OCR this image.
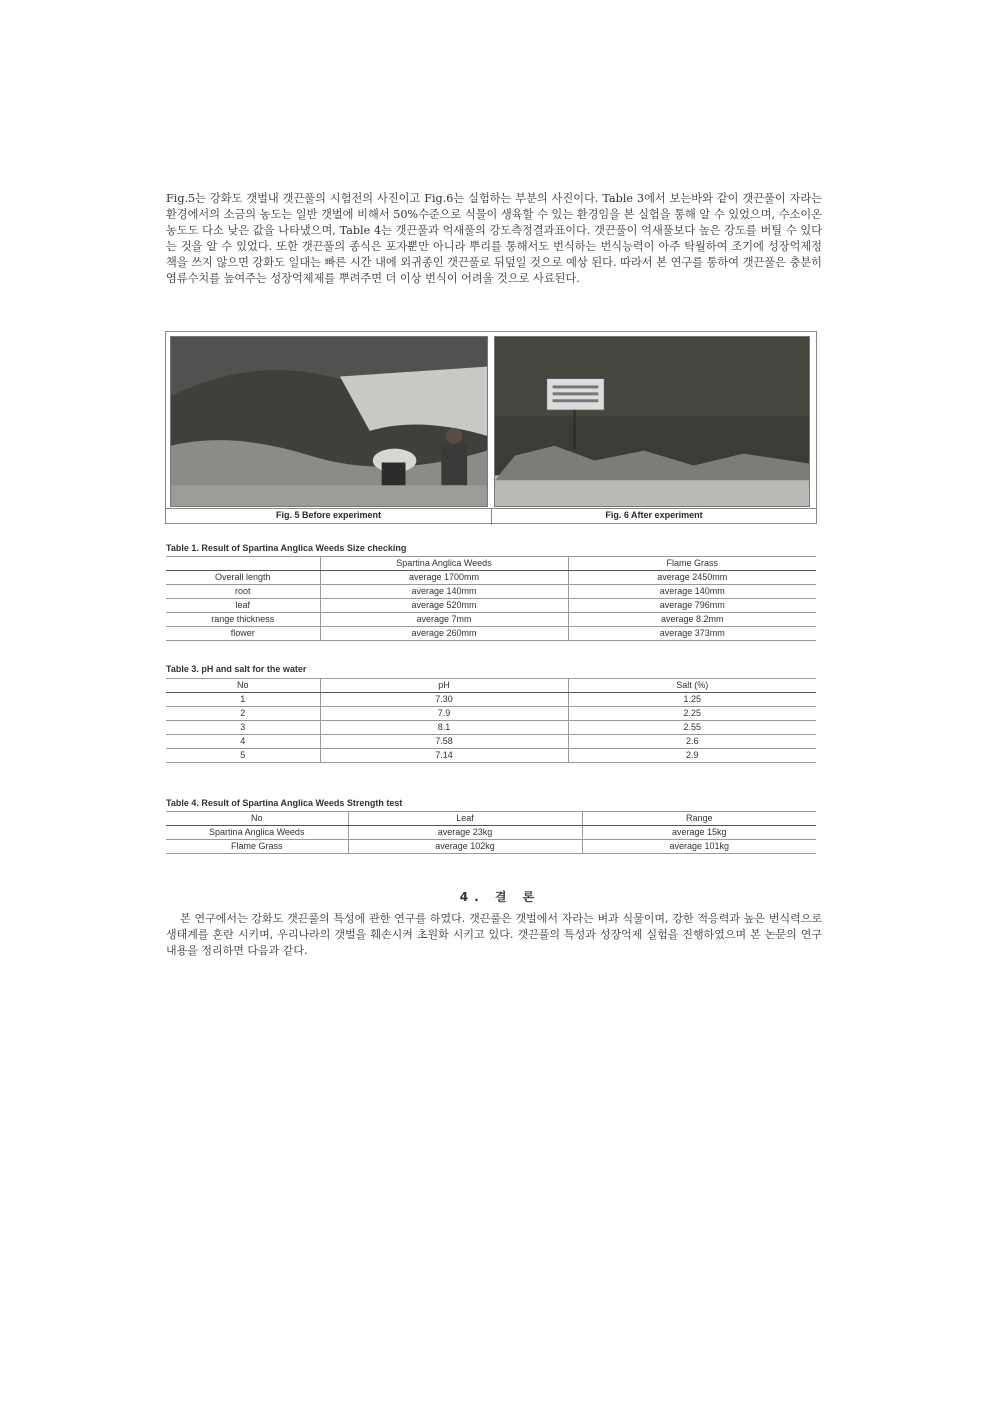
Fig.5는 강화도 갯벌내 갯끈풀의 시험전의 사진이고 Fig.6는 실험하는 부분의 사진이다. Table 3에서 보는바와 같이 갯끈풀이 자라는 환경에서의 소금의 농도는 일반 갯벌에 비해서 50%수준으로 식물이 생육할 수 있는 환경임을 본 실험을 통해 알 수 있었으며, 수소이온농도도 다소 낮은 값을 나타냈으며, Table 4는 갯끈풀과 억새풀의 강도측정결과표이다. 갯끈풀이 억새풀보다 높은 강도를 버틸 수 있다는 것을 알 수 있었다. 또한 갯끈풀의 종식은 포자뿐만 아니라 뿌리를 통해서도 번식하는 번식능력이 아주 탁월하여 조기에 성장억제정책을 쓰지 않으면 강화도 일대는 빠른 시간 내에 외귀종인 갯끈풀로 뒤덮일 것으로 예상 된다. 따라서 본 연구를 통하여 갯끈풀은 충분히 염류수치를 높여주는 성장억제제를 뿌려주면 더 이상 번식이 어려울 것으로 사료된다.

Fig. 5 Before experiment	Fig. 6 After experiment
Table 1. Result of Spartina Anglica Weeds Size checking
	Spartina Anglica Weeds	Flame Grass
Overall length	average 1700mm	average 2450mm
root	average 140mm	average 140mm
leaf	average 520mm	average 796mm
range thickness	average 7mm	average 8.2mm
flower	average 260mm	average 373mm
Table 3. pH and salt for the water
No	pH	Salt (%)
1	7.30	1.25
2	7.9	2.25
3	8.1	2.55
4	7.58	2.6
5	7.14	2.9
Table 4. Result of Spartina Anglica Weeds Strength test
No	Leaf	Range
Spartina Anglica Weeds	average 23kg	average 15kg
Flame Grass	average 102kg	average 101kg
4. 결 론

본 연구에서는 강화도 갯끈풀의 특성에 관한 연구를 하였다. 갯끈풀은 갯벌에서 자라는 벼과 식물이며, 강한 적응력과 높은 번식력으로 생태계를 혼란 시키며, 우리나라의 갯벌을 훼손시켜 초원화 시키고 있다. 갯끈풀의 특성과 성장억제 실험을 진행하였으며 본 논문의 연구내용을 정리하면 다음과 같다.
